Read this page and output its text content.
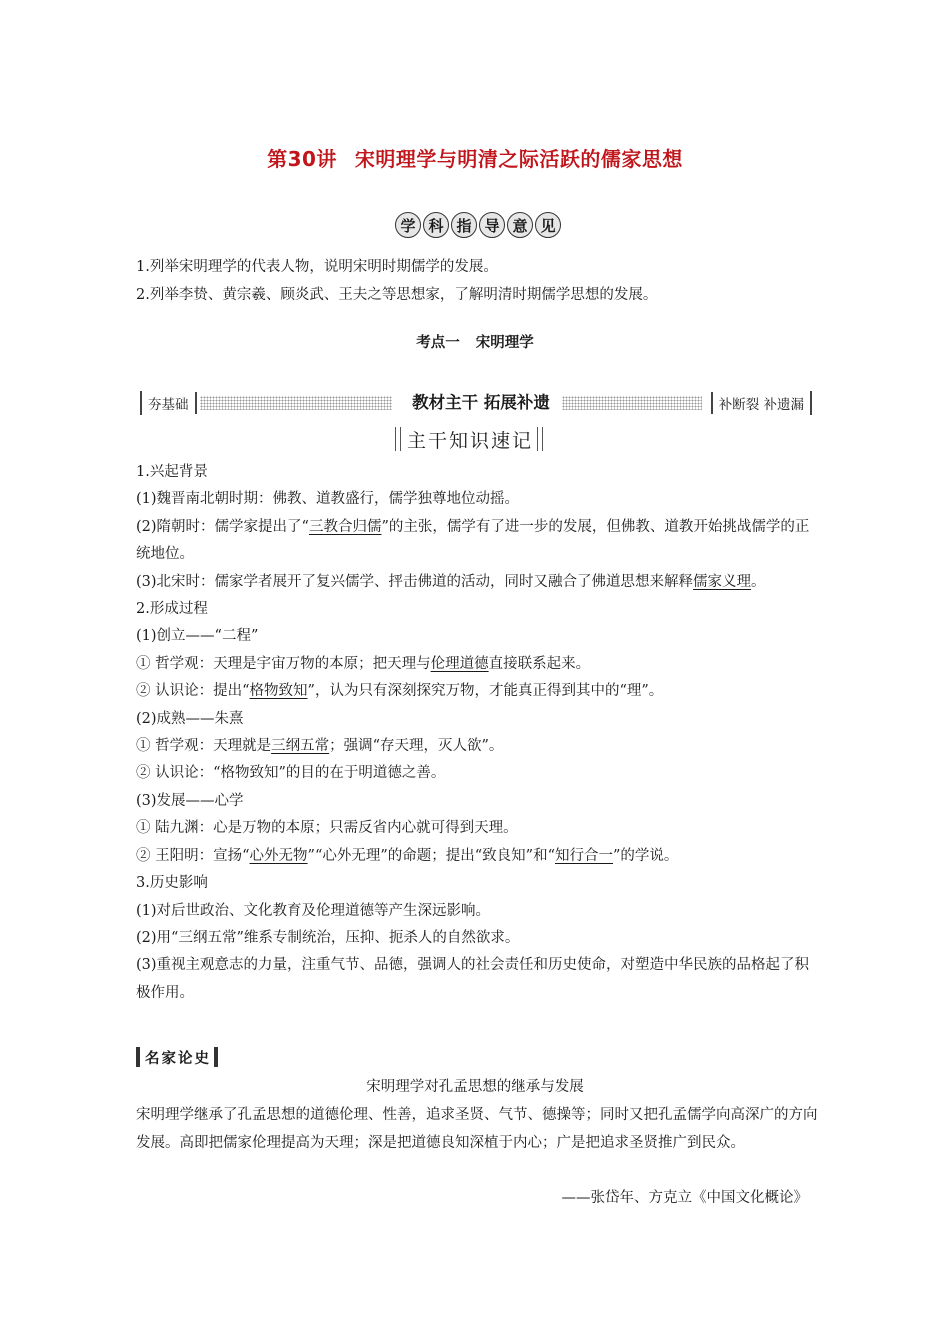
第30讲 宋明理学与明清之际活跃的儒家思想
学 科 指 导 意 见
1.列举宋明理学的代表人物，说明宋明时期儒学的发展。
2.列举李贽、黄宗羲、顾炎武、王夫之等思想家，了解明清时期儒学思想的发展。
考点一 宋明理学
夯基础	教材主干 拓展补遗	补断裂 补遗漏
主干知识速记

1.兴起背景

(1)魏晋南北朝时期：佛教、道教盛行，儒学独尊地位动摇。

(2)隋朝时：儒学家提出了“三教合归儒”的主张，儒学有了进一步的发展，但佛教、道教开始挑战儒学的正统地位。

(3)北宋时：儒家学者展开了复兴儒学、抨击佛道的活动，同时又融合了佛道思想来解释儒家义理。

2.形成过程

(1)创立——“二程”

① 哲学观：天理是宇宙万物的本原；把天理与伦理道德直接联系起来。

② 认识论：提出“格物致知”，认为只有深刻探究万物，才能真正得到其中的“理”。

(2)成熟——朱熹

① 哲学观：天理就是三纲五常；强调“存天理，灭人欲”。

② 认识论：“格物致知”的目的在于明道德之善。

(3)发展——心学

① 陆九渊：心是万物的本原；只需反省内心就可得到天理。

② 王阳明：宣扬“心外无物”“心外无理”的命题；提出“致良知”和“知行合一”的学说。

3.历史影响

(1)对后世政治、文化教育及伦理道德等产生深远影响。

(2)用“三纲五常”维系专制统治，压抑、扼杀人的自然欲求。

(3)重视主观意志的力量，注重气节、品德，强调人的社会责任和历史使命，对塑造中华民族的品格起了积极作用。

名家论史
宋明理学对孔孟思想的继承与发展

宋明理学继承了孔孟思想的道德伦理、性善，追求圣贤、气节、德操等；同时又把孔孟儒学向高深广的方向发展。高即把儒家伦理提高为天理；深是把道德良知深植于内心；广是把追求圣贤推广到民众。

——张岱年、方克立《中国文化概论》
